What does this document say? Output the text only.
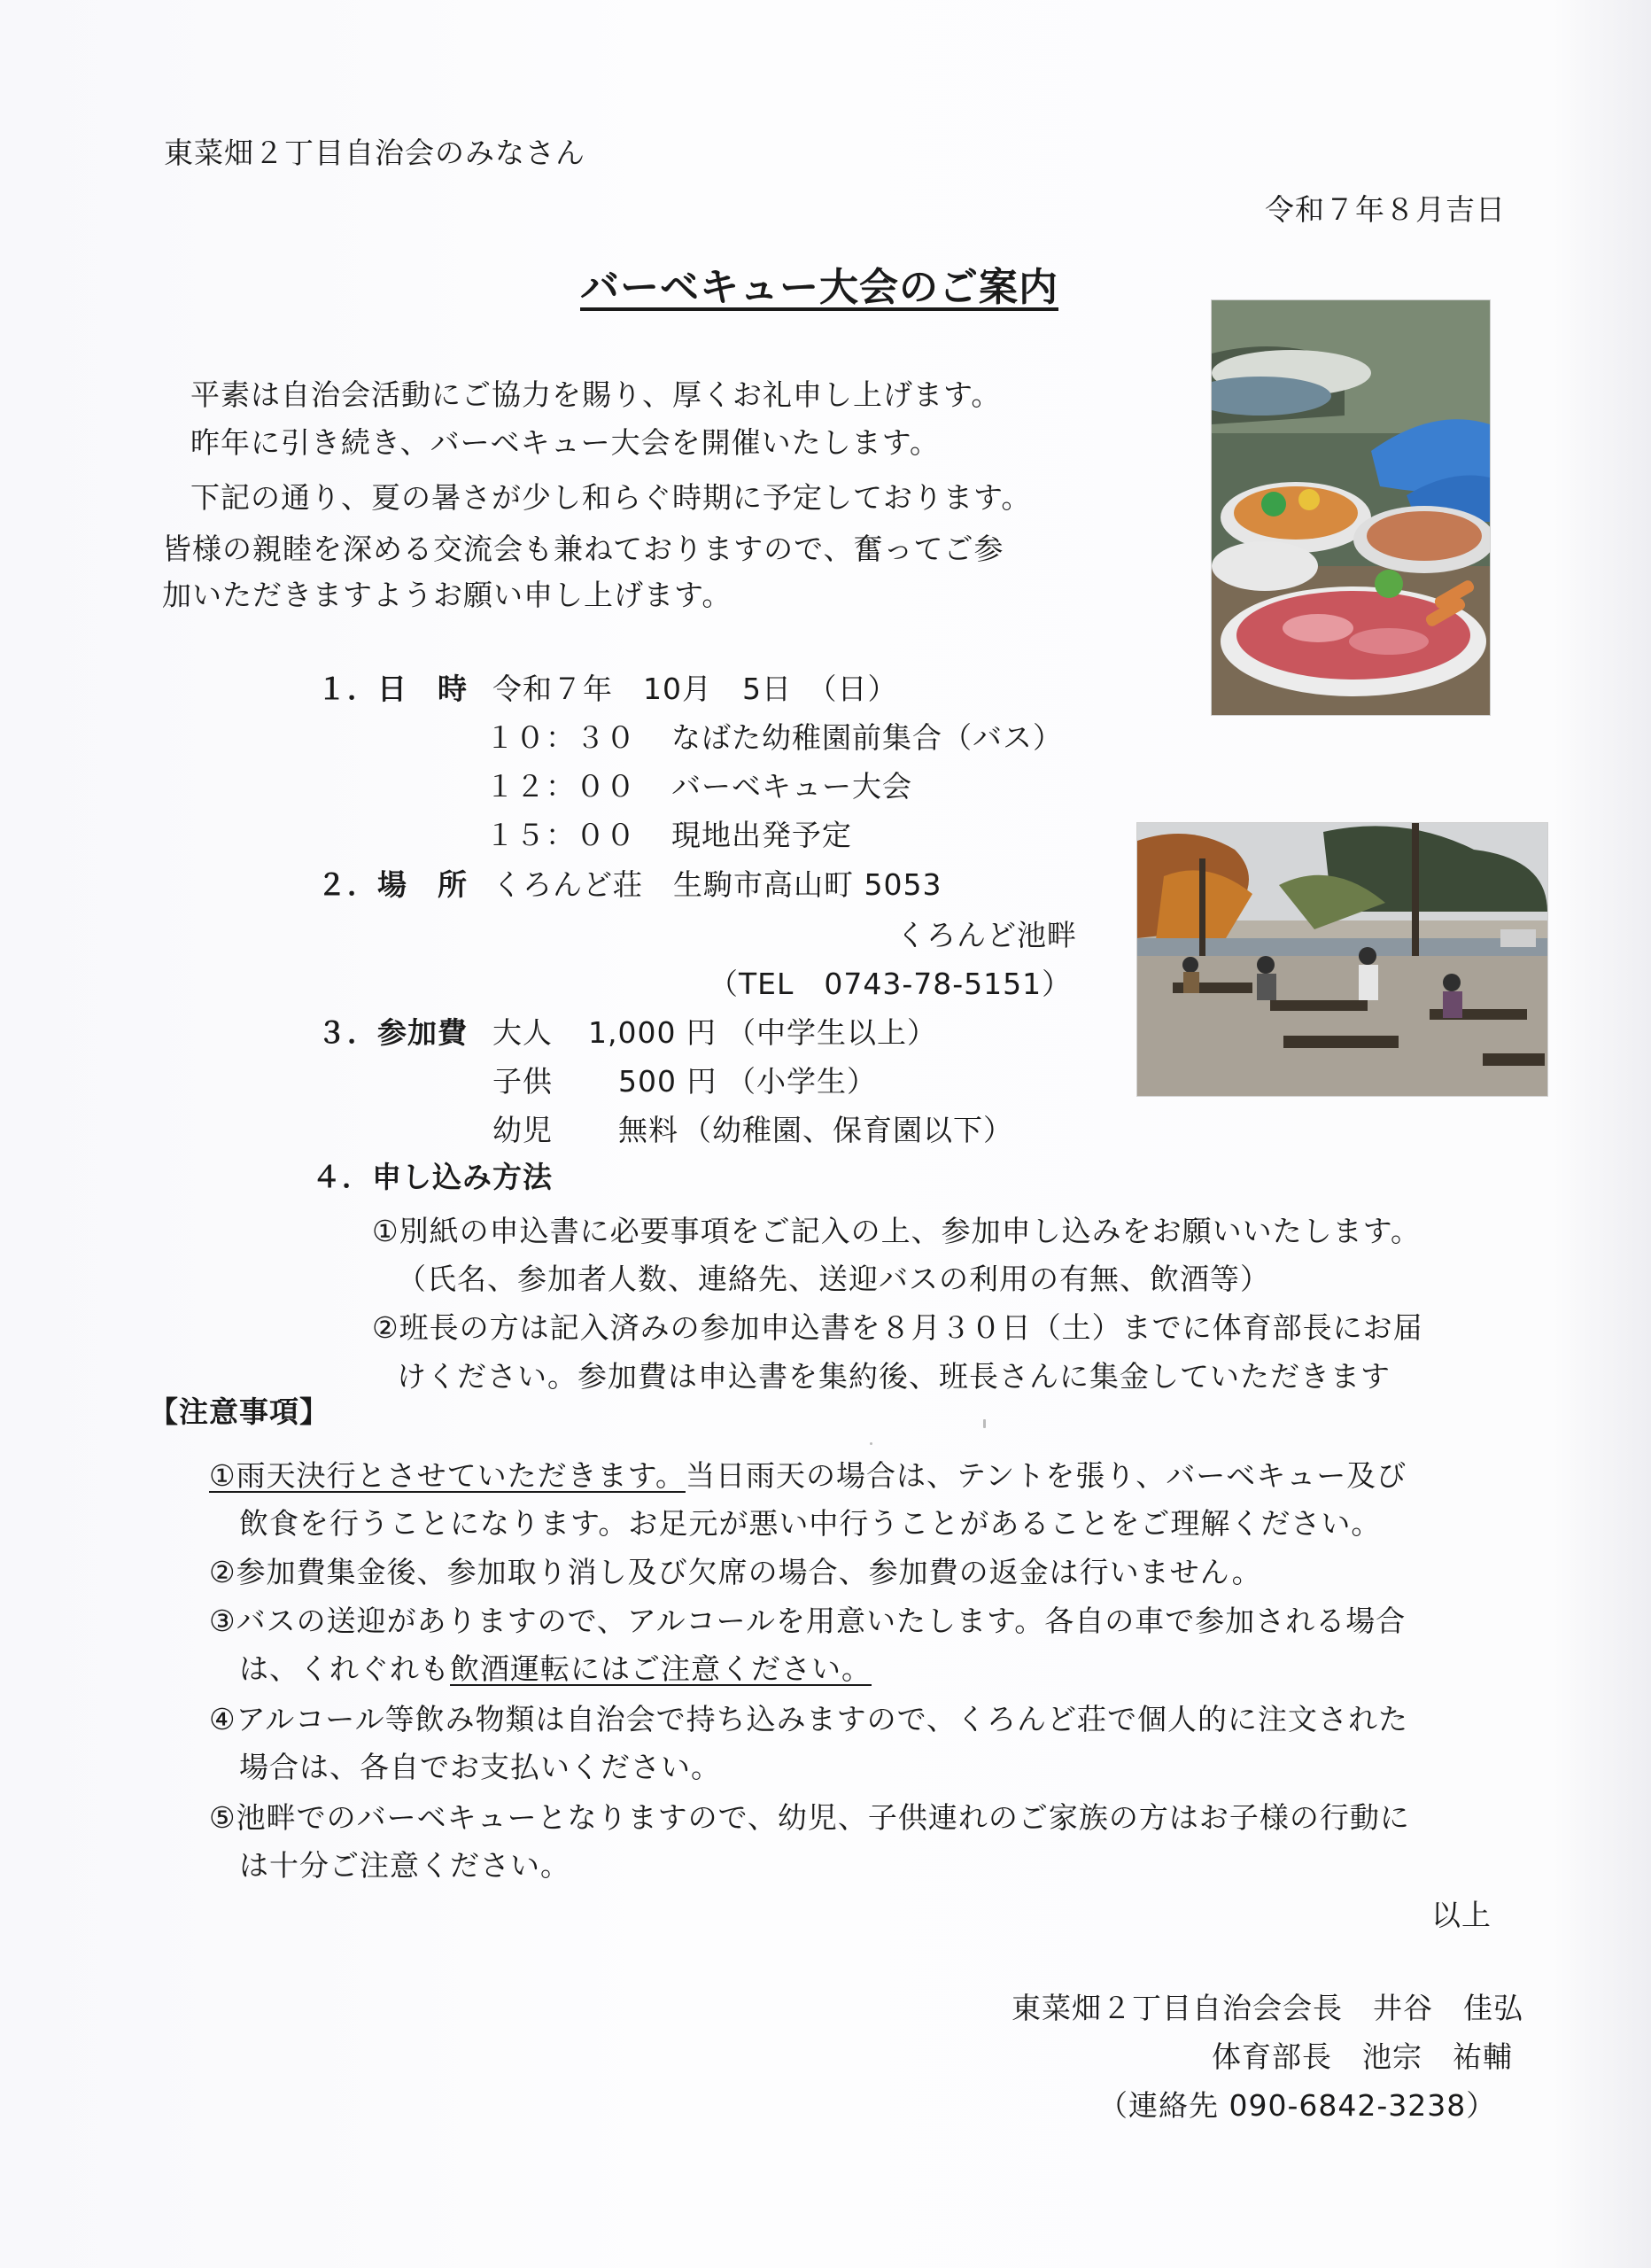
東菜畑２丁目自治会のみなさん
令和７年８月吉日
バーベキュー大会のご案内
平素は自治会活動にご協力を賜り、厚くお礼申し上げます。
昨年に引き続き、バーベキュー大会を開催いたします。
下記の通り、夏の暑さが少し和らぐ時期に予定しております。
皆様の親睦を深める交流会も兼ねておりますので、奮ってご参
加いただきますようお願い申し上げます。
１．日　時 令和７年　10月　5日　（日）
１０：３０ なばた幼稚園前集合（バス）
１２：００ バーベキュー大会
１５：００ 現地出発予定
２．場　所 くろんど荘　生駒市高山町 5053
くろんど池畔
（TEL　0743-78-5151）
３．参加費 大人 1,000 円 （中学生以上）
子供 500 円 （小学生）
幼児 無料 （幼稚園、保育園以下）
４．申し込み方法
①別紙の申込書に必要事項をご記入の上、参加申し込みをお願いいたします。
（氏名、参加者人数、連絡先、送迎バスの利用の有無、飲酒等）
②班長の方は記入済みの参加申込書を８月３０日（土）までに体育部長にお届
けください。参加費は申込書を集約後、班長さんに集金していただきます
【注意事項】
①雨天決行とさせていただきます。当日雨天の場合は、テントを張り、バーベキュー及び
飲食を行うことになります。お足元が悪い中行うことがあることをご理解ください。
②参加費集金後、参加取り消し及び欠席の場合、参加費の返金は行いません。
③バスの送迎がありますので、アルコールを用意いたします。各自の車で参加される場合
は、くれぐれも飲酒運転にはご注意ください。
④アルコール等飲み物類は自治会で持ち込みますので、くろんど荘で個人的に注文された
場合は、各自でお支払いください。
⑤池畔でのバーベキューとなりますので、幼児、子供連れのご家族の方はお子様の行動に
は十分ご注意ください。
以上
東菜畑２丁目自治会会長　井谷　佳弘
体育部長　池宗　祐輔
（連絡先 090-6842-3238）
